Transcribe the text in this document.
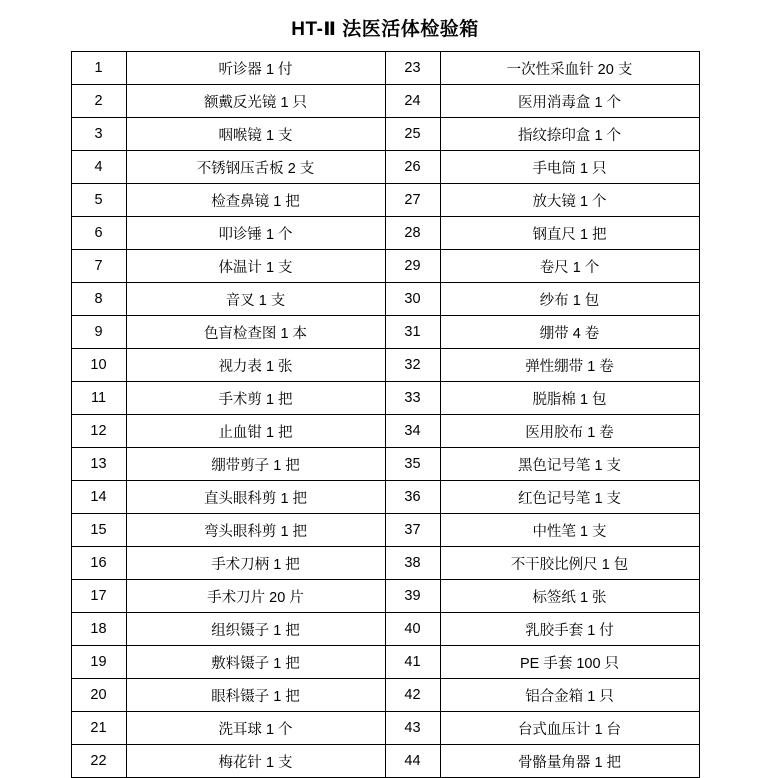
HT-Ⅱ 法医活体检验箱
1	听诊器 1 付	23	一次性采血针 20 支
2	额戴反光镜 1 只	24	医用消毒盒 1 个
3	咽喉镜 1 支	25	指纹捺印盒 1 个
4	不锈钢压舌板 2 支	26	手电筒 1 只
5	检查鼻镜 1 把	27	放大镜 1 个
6	叩诊锤 1 个	28	钢直尺 1 把
7	体温计 1 支	29	卷尺 1 个
8	音叉 1 支	30	纱布 1 包
9	色盲检查图 1 本	31	绷带 4 卷
10	视力表 1 张	32	弹性绷带 1 卷
11	手术剪 1 把	33	脱脂棉 1 包
12	止血钳 1 把	34	医用胶布 1 卷
13	绷带剪子 1 把	35	黑色记号笔 1 支
14	直头眼科剪 1 把	36	红色记号笔 1 支
15	弯头眼科剪 1 把	37	中性笔 1 支
16	手术刀柄 1 把	38	不干胶比例尺 1 包
17	手术刀片 20 片	39	标签纸 1 张
18	组织镊子 1 把	40	乳胶手套 1 付
19	敷料镊子 1 把	41	PE 手套 100 只
20	眼科镊子 1 把	42	铝合金箱 1 只
21	洗耳球 1 个	43	台式血压计 1 台
22	梅花针 1 支	44	骨骼量角器 1 把
